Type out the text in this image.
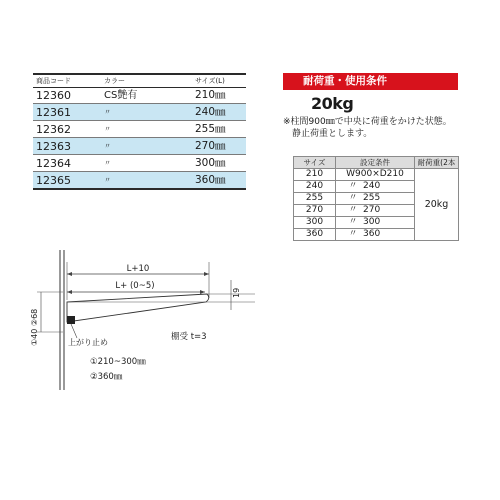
商品コード	カラー	サイズ(L)
12360	CS艶有	210㎜
12361	〃	240㎜
12362	〃	255㎜
12363	〃	270㎜
12364	〃	300㎜
12365	〃	360㎜
耐荷重・使用条件
20kg
※柱間900㎜で中央に荷重をかけた状態。
　静止荷重とします。
サイズ	設定条件	耐荷重(2本
210	W900×D210	20kg
240	〃 240	
255	〃 255	
270	〃 270	
300	〃 300	
360	〃 360	
L+10
L+ (0~5)
19
①40 ②68	上がり止め
棚受 t=3
①210~300㎜
②360㎜
